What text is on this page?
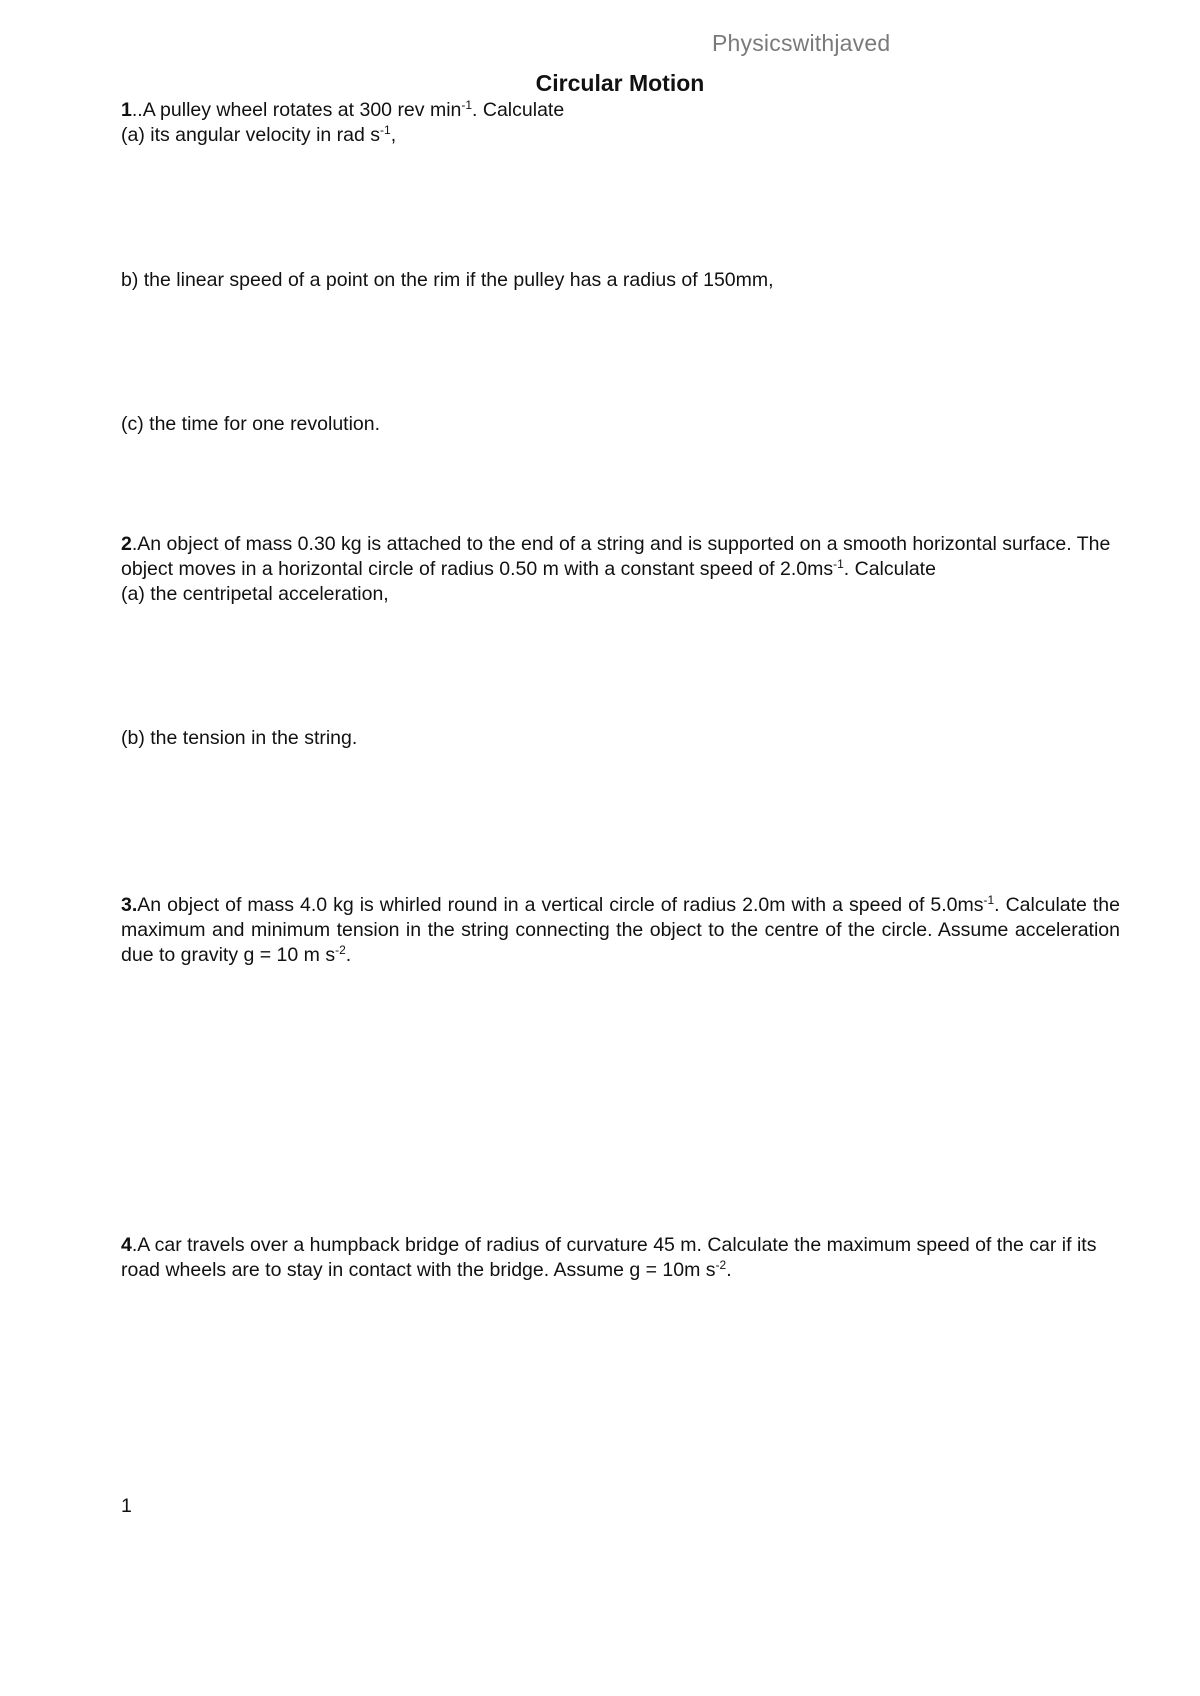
Physicswithjaved
Circular Motion
1..A pulley wheel rotates at 300 rev $\min^{-1}$. Calculate
(a) its angular velocity in rad $s^{-1}$,
b) the linear speed of a point on the rim if the pulley has a radius of 150mm,
(c) the time for one revolution.
2.An object of mass 0.30 kg is attached to the end of a string and is supported on a smooth horizontal surface. The object moves in a horizontal circle of radius 0.50 m with a constant speed of $2.0ms^{-1}$. Calculate
(a) the centripetal acceleration,
(b) the tension in the string.
3.An object of mass 4.0 kg is whirled round in a vertical circle of radius 2.0m with a speed of $5.0ms^{-1}$. Calculate the maximum and minimum tension in the string connecting the object to the centre of the circle. Assume acceleration due to gravity g = 10 m $s^{-2}$.
4.A car travels over a humpback bridge of radius of curvature 45 m. Calculate the maximum speed of the car if its road wheels are to stay in contact with the bridge. Assume g = 10m $s^{-2}$.
1
